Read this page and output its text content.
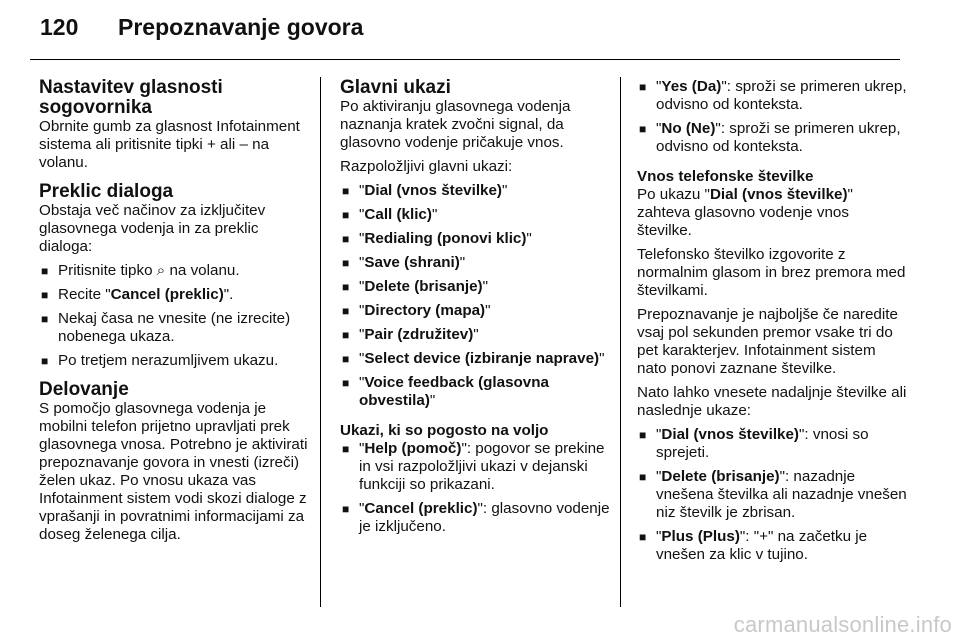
120 Prepoznavanje govora
Nastavitev glasnosti
sogovornika

Obrnite gumb za glasnost Infotainment sistema ali pritisnite tipki + ali – na volanu.

Preklic dialoga

Obstaja več načinov za izključitev glasovnega vodenja in za preklic dialoga:

■ Pritisnite tipko ⌕ na volanu.
■ Recite "Cancel (preklic)".
■ Nekaj časa ne vnesite (ne izrecite) nobenega ukaza.
■ Po tretjem nerazumljivem ukazu.
Delovanje

S pomočjo glasovnega vodenja je mobilni telefon prijetno upravljati prek glasovnega vnosa. Potrebno je aktivirati prepoznavanje govora in vnesti (izreči) želen ukaz. Po vnosu ukaza vas Infotainment sistem vodi skozi dialoge z vprašanji in povratnimi informacijami za doseg želenega cilja.

Glavni ukazi

Po aktiviranju glasovnega vodenja naznanja kratek zvočni signal, da glasovno vodenje pričakuje vnos.

Razpoložljivi glavni ukazi:

■ "Dial (vnos številke)"
■ "Call (klic)"
■ "Redialing (ponovi klic)"
■ "Save (shrani)"
■ "Delete (brisanje)"
■ "Directory (mapa)"
■ "Pair (združitev)"
■ "Select device (izbiranje naprave)"
■ "Voice feedback (glasovna obvestila)"
Ukazi, ki so pogosto na voljo
■ "Help (pomoč)": pogovor se prekine in vsi razpoložljivi ukazi v dejanski funkciji so prikazani.
■ "Cancel (preklic)": glasovno vodenje je izključeno.
■ "Yes (Da)": sproži se primeren ukrep, odvisno od konteksta.
■ "No (Ne)": sproži se primeren ukrep, odvisno od konteksta.
Vnos telefonske številke

Po ukazu "Dial (vnos številke)" zahteva glasovno vodenje vnos številke.

Telefonsko številko izgovorite z normalnim glasom in brez premora med številkami.

Prepoznavanje je najboljše če naredite vsaj pol sekunden premor vsake tri do pet karakterjev. Infotainment sistem nato ponovi zaznane številke.

Nato lahko vnesete nadaljnje številke ali naslednje ukaze:

■ "Dial (vnos številke)": vnosi so sprejeti.
■ "Delete (brisanje)": nazadnje vnešena številka ali nazadnje vnešen niz številk je zbrisan.
■ "Plus (Plus)": "+" na začetku je vnešen za klic v tujino.
carmanualsonline.info
